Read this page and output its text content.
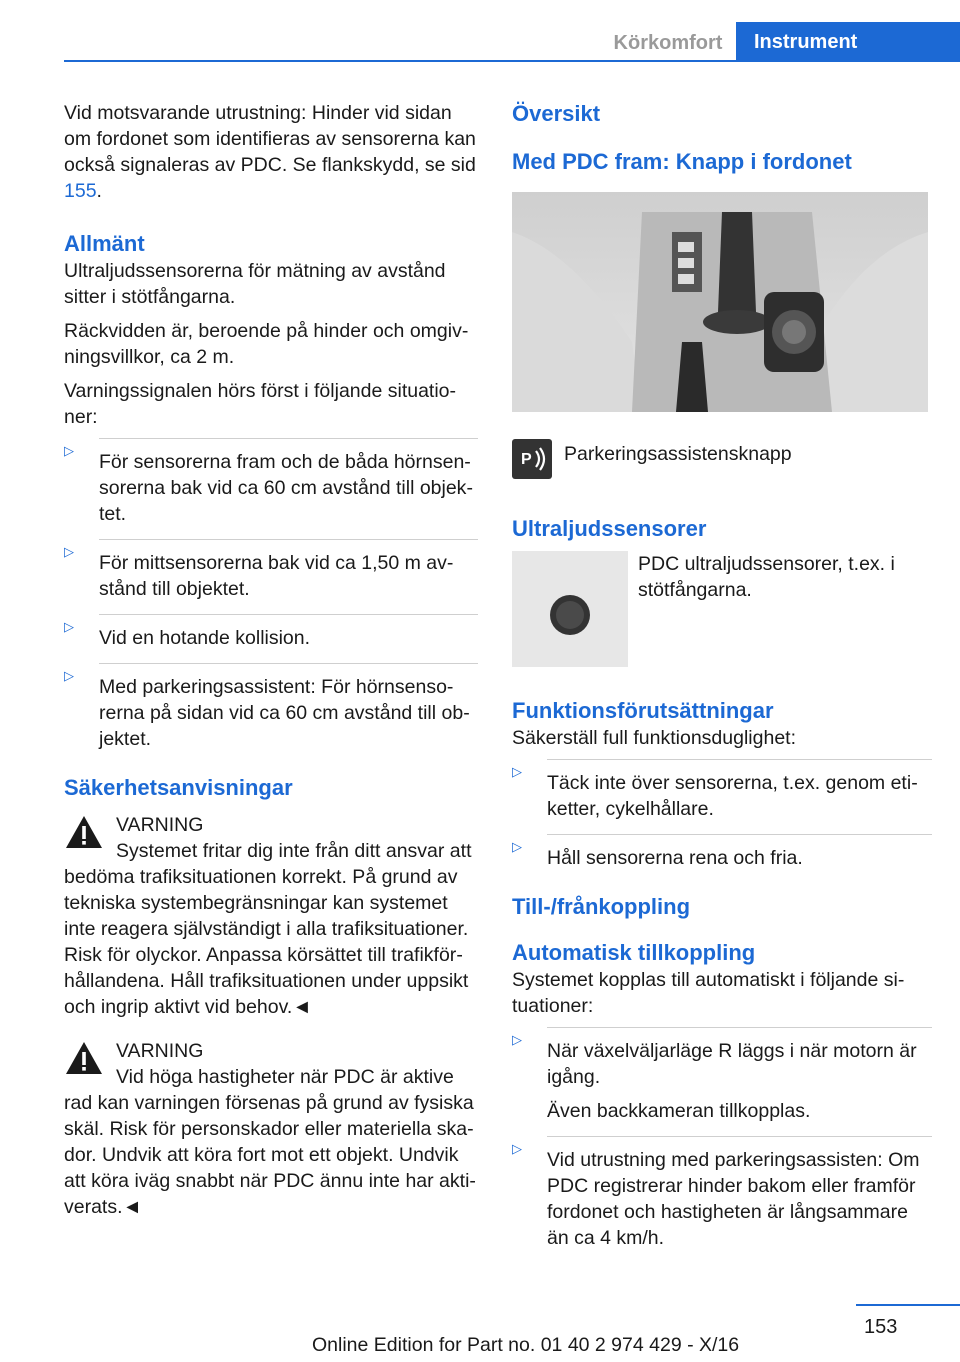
Körkomfort	Instrument

Vid motsvarande utrustning: Hinder vid sidan om fordonet som identifieras av sensorerna kan också signaleras av PDC. Se flankskydd, se sid 155.

Allmänt

Ultraljudssensorerna för mätning av avstånd sitter i stötfångarna.

Räckvidden är, beroende på hinder och omgivningsvillkor, ca 2 m.

Varningssignalen hörs först i följande situationer:

▷
För sensorerna fram och de båda hörnsensorerna bak vid ca 60 cm avstånd till objektet.
▷
För mittsensorerna bak vid ca 1,50 m avstånd till objektet.
▷
Vid en hotande kollision.
▷
Med parkeringsassistent: För hörnsensorerna på sidan vid ca 60 cm avstånd till objektet.
Säkerhetsanvisningar
VARNING
Systemet fritar dig inte från ditt ansvar att
bedöma trafiksituationen korrekt. På grund av tekniska systembegränsningar kan systemet inte reagera självständigt i alla trafiksituationer. Risk för olyckor. Anpassa körsättet till trafikförhållandena. Håll trafiksituationen under uppsikt och ingrip aktivt vid behov.◄
VARNING
Vid höga hastigheter när PDC är aktive
rad kan varningen försenas på grund av fysiska skäl. Risk för personskador eller materiella skador. Undvik att köra fort mot ett objekt. Undvik att köra iväg snabbt när PDC ännu inte har aktiverats.◄
Översikt
Med PDC fram: Knapp i fordonet
P Parkeringsassistensknapp
Ultraljudssensorer
PDC ultraljudssensorer, t.ex. i stötfångarna.
Funktionsförutsättningar

Säkerställ full funktionsduglighet:

▷
Täck inte över sensorerna, t.ex. genom etiketter, cykelhållare.
▷
Håll sensorerna rena och fria.
Till-/frånkoppling
Automatisk tillkoppling

Systemet kopplas till automatiskt i följande situationer:

▷
När växelväljarläge R läggs i när motorn är igång.
Även backkameran tillkopplas.
▷
Vid utrustning med parkeringsassisten: Om PDC registrerar hinder bakom eller framför fordonet och hastigheten är långsammare än ca 4 km/h.
153
Online Edition for Part no. 01 40 2 974 429 - X/16
